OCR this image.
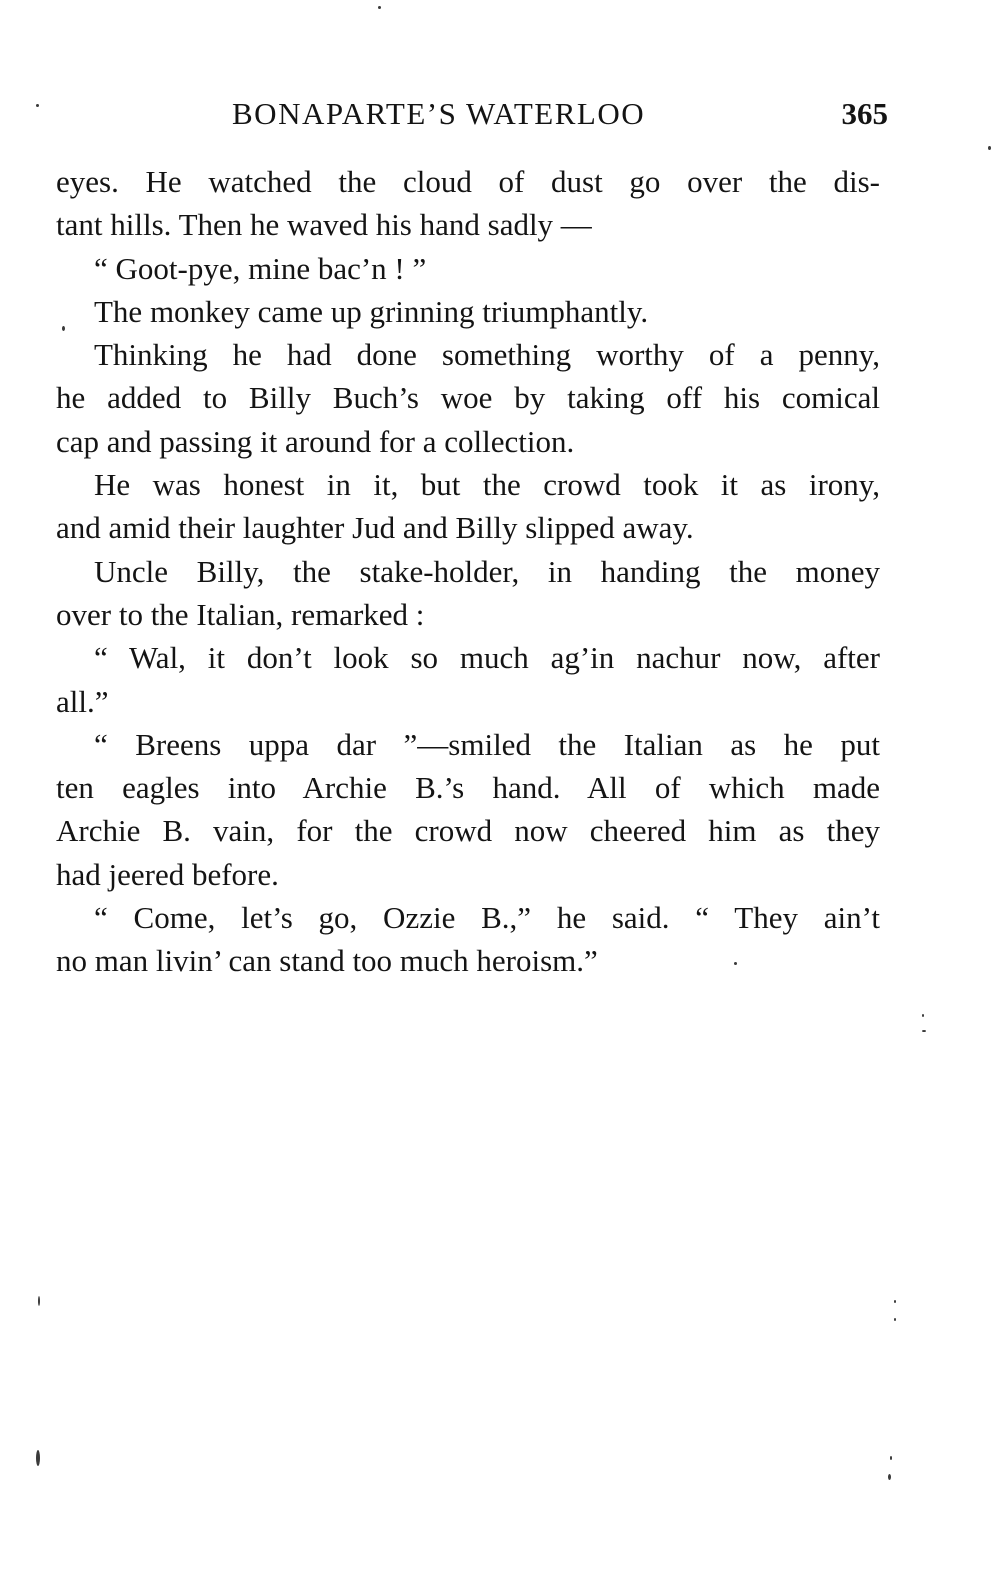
BONAPARTE’S WATERLOO	365
eyes. He watched the cloud of dust go over the dis-
tant hills. Then he waved his hand sadly —
“ Goot-pye, mine bac’n ! ”
The monkey came up grinning triumphantly.
Thinking he had done something worthy of a penny,
he added to Billy Buch’s woe by taking off his comical
cap and passing it around for a collection.
He was honest in it, but the crowd took it as irony,
and amid their laughter Jud and Billy slipped away.
Uncle Billy, the stake-holder, in handing the money
over to the Italian, remarked :
“ Wal, it don’t look so much ag’in nachur now, after
all.”
“ Breens uppa dar ”—smiled the Italian as he put
ten eagles into Archie B.’s hand. All of which made
Archie B. vain, for the crowd now cheered him as they
had jeered before.
“ Come, let’s go, Ozzie B.,” he said. “ They ain’t
no man livin’ can stand too much heroism.”
